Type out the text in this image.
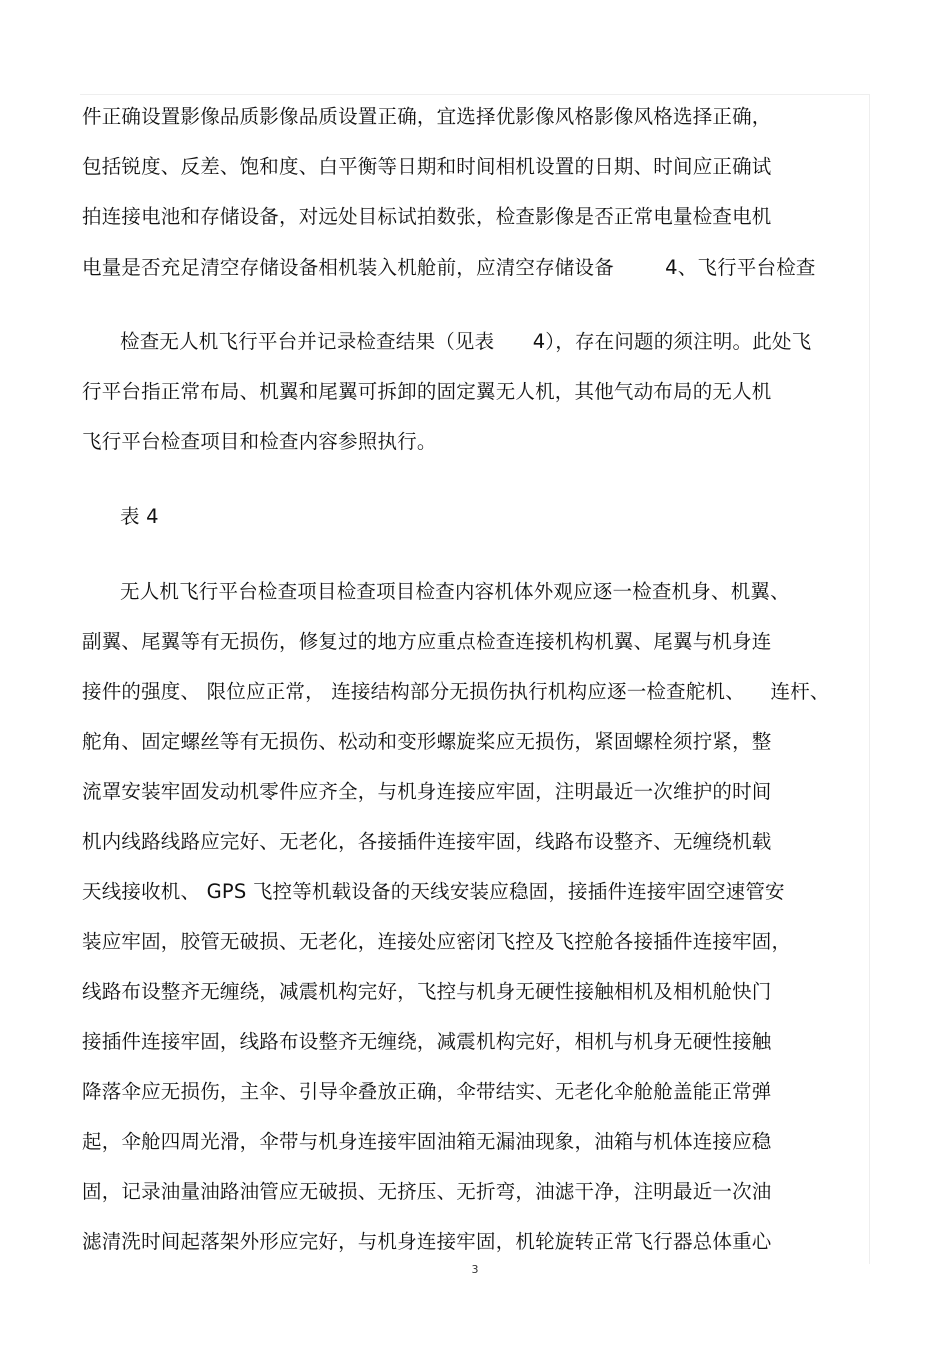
件正确设置影像品质影像品质设置正确，宜选择优影像风格影像风格选择正确，
包括锐度、反差、饱和度、白平衡等日期和时间相机设置的日期、时间应正确试
拍连接电池和存储设备，对远处目标试拍数张，检查影像是否正常电量检查电机
电量是否充足清空存储设备相机装入机舱前，应清空存储设备        4、飞行平台检查
检查无人机飞行平台并记录检查结果（见表      4），存在问题的须注明。此处飞
行平台指正常布局、机翼和尾翼可拆卸的固定翼无人机，其他气动布局的无人机
飞行平台检查项目和检查内容参照执行。
表 4
无人机飞行平台检查项目检查项目检查内容机体外观应逐一检查机身、机翼、
副翼、尾翼等有无损伤，修复过的地方应重点检查连接机构机翼、尾翼与机身连
接件的强度、 限位应正常， 连接结构部分无损伤执行机构应逐一检查舵机、    连杆、
舵角、固定螺丝等有无损伤、松动和变形螺旋桨应无损伤，紧固螺栓须拧紧，整
流罩安装牢固发动机零件应齐全，与机身连接应牢固，注明最近一次维护的时间
机内线路线路应完好、无老化，各接插件连接牢固，线路布设整齐、无缠绕机载
天线接收机、 GPS 飞控等机载设备的天线安装应稳固，接插件连接牢固空速管安
装应牢固，胶管无破损、无老化，连接处应密闭飞控及飞控舱各接插件连接牢固，
线路布设整齐无缠绕，减震机构完好，飞控与机身无硬性接触相机及相机舱快门
接插件连接牢固，线路布设整齐无缠绕，减震机构完好，相机与机身无硬性接触
降落伞应无损伤，主伞、引导伞叠放正确，伞带结实、无老化伞舱舱盖能正常弹
起，伞舱四周光滑，伞带与机身连接牢固油箱无漏油现象，油箱与机体连接应稳
固，记录油量油路油管应无破损、无挤压、无折弯，油滤干净，注明最近一次油
滤清洗时间起落架外形应完好，与机身连接牢固，机轮旋转正常飞行器总体重心
3
